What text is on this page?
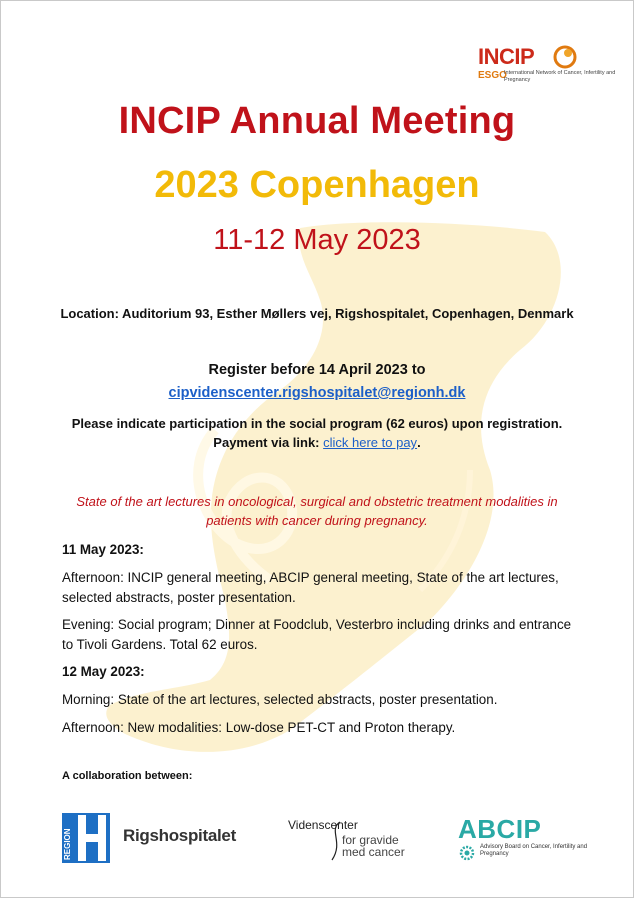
INCIP
ESGO
International Network of Cancer, Infertility and Pregnancy
INCIP Annual Meeting
2023 Copenhagen
11-12 May 2023
Location: Auditorium 93, Esther Møllers vej, Rigshospitalet, Copenhagen, Denmark
Register before 14 April 2023 to
cipvidenscenter.rigshospitalet@regionh.dk
Please indicate participation in the social program (62 euros) upon registration.
Payment via link: click here to pay.
State of the art lectures in oncological, surgical and obstetric treatment modalities in patients with cancer during pregnancy.
11 May 2023:
Afternoon: INCIP general meeting, ABCIP general meeting, State of the art lectures, selected abstracts, poster presentation.
Evening: Social program; Dinner at Foodclub, Vesterbro including drinks and entrance to Tivoli Gardens. Total 62 euros.
12 May 2023:
Morning: State of the art lectures, selected abstracts, poster presentation.
Afternoon: New modalities: Low-dose PET-CT and Proton therapy.
A collaboration between:
REGION	Rigshospitalet
Videnscenter
for gravide
med cancer
ABCIP
Advisory Board on Cancer, Infertility and Pregnancy
